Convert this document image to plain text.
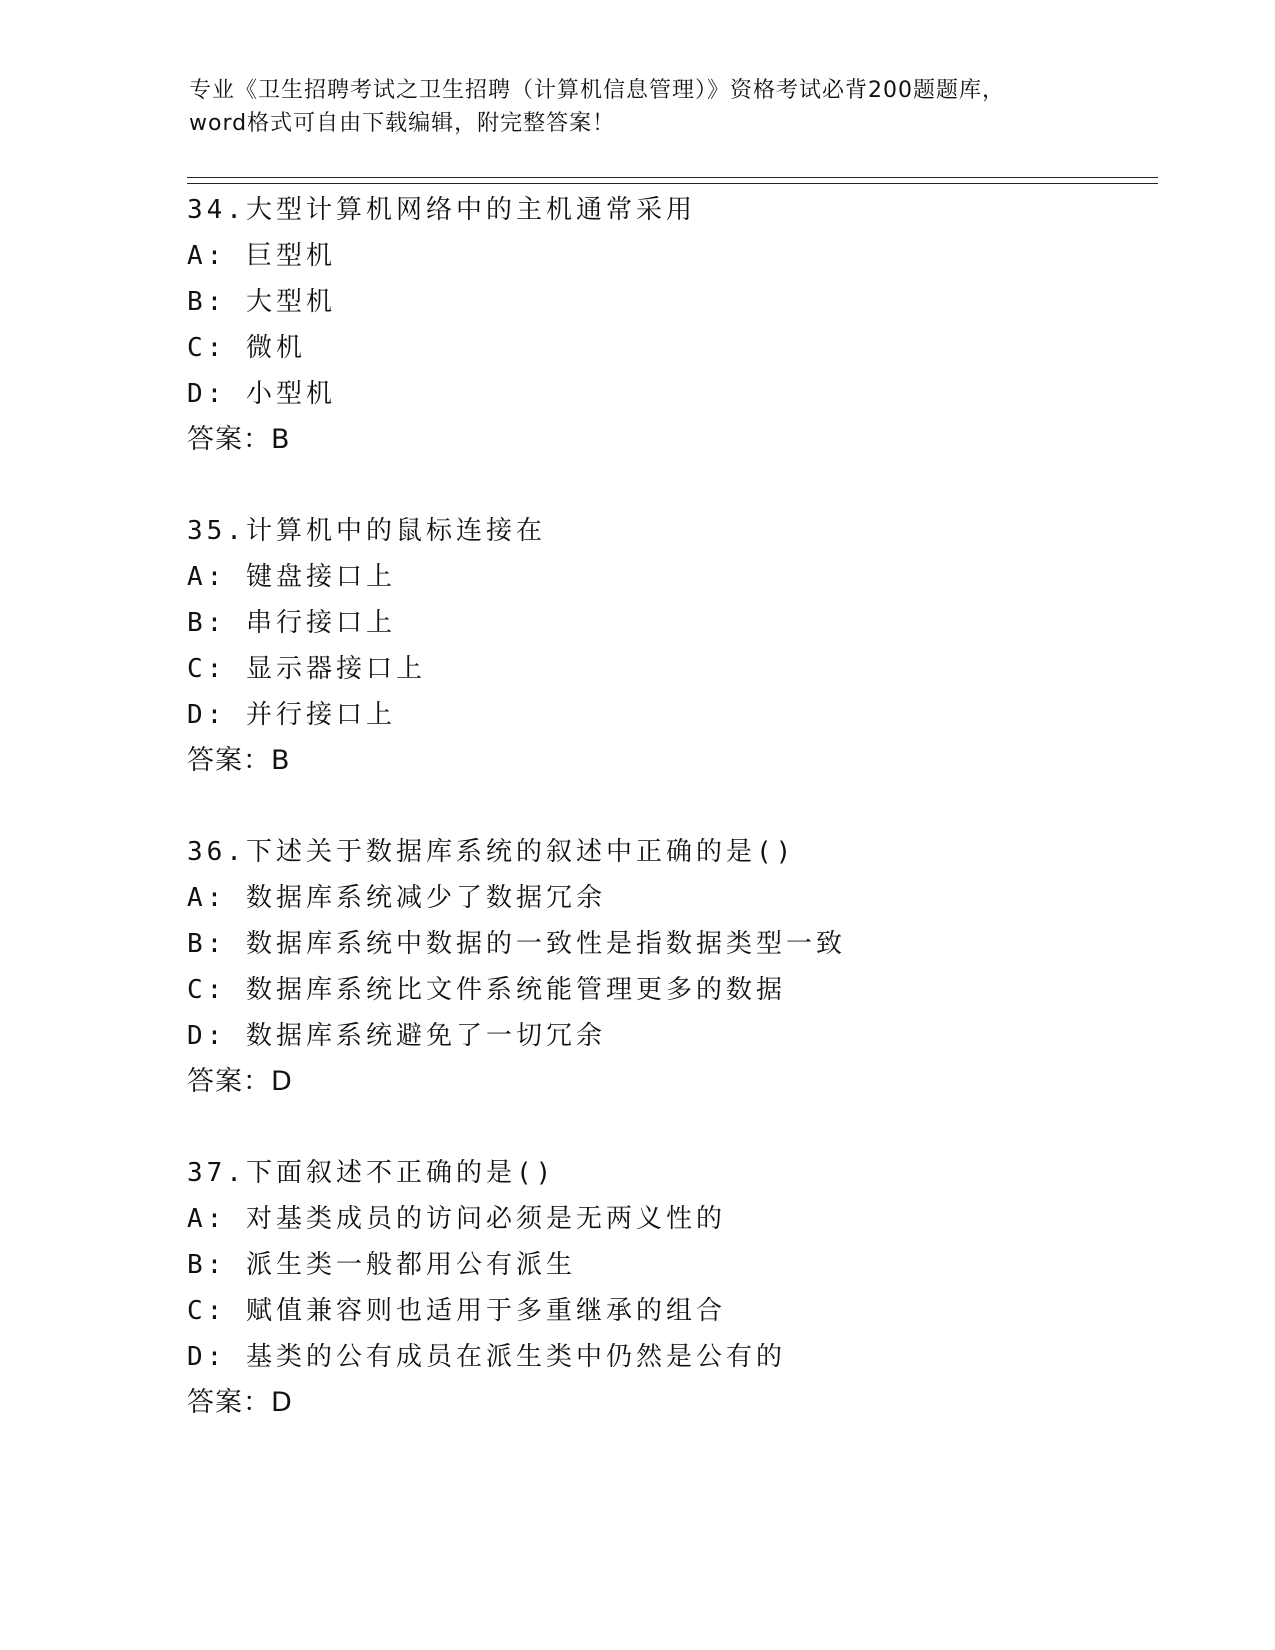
专业《卫生招聘考试之卫生招聘（计算机信息管理）》资格考试必背200题题库，
word格式可自由下载编辑，附完整答案！
34.大型计算机网络中的主机通常采用
A: 巨型机
B: 大型机
C: 微机
D: 小型机
答案：B
35.计算机中的鼠标连接在
A: 键盘接口上
B: 串行接口上
C: 显示器接口上
D: 并行接口上
答案：B
36.下述关于数据库系统的叙述中正确的是()
A: 数据库系统减少了数据冗余
B: 数据库系统中数据的一致性是指数据类型一致
C: 数据库系统比文件系统能管理更多的数据
D: 数据库系统避免了一切冗余
答案：D
37.下面叙述不正确的是()
A: 对基类成员的访问必须是无两义性的
B: 派生类一般都用公有派生
C: 赋值兼容则也适用于多重继承的组合
D: 基类的公有成员在派生类中仍然是公有的
答案：D
